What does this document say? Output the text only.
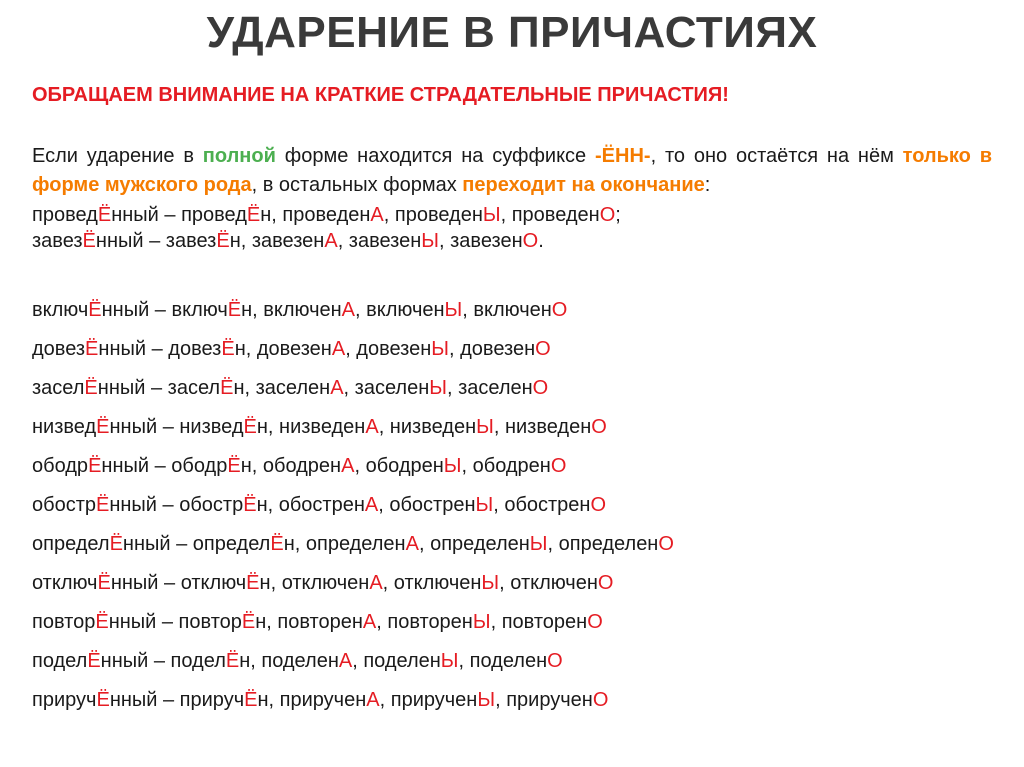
УДАРЕНИЕ В ПРИЧАСТИЯХ
ОБРАЩАЕМ ВНИМАНИЕ НА КРАТКИЕ СТРАДАТЕЛЬНЫЕ ПРИЧАСТИЯ!
Если ударение в полной форме находится на суффиксе -ЁНН-, то оно остаётся на нём только в форме мужского рода, в остальных формах переходит на окончание:
проведЁнный – проведЁн, проведенА, проведенЫ, проведенО;
завезЁнный – завезЁн, завезенА, завезенЫ, завезенО.
включЁнный – включЁн, включенА, включенЫ, включенО
довезЁнный – довезЁн, довезенА, довезенЫ, довезенО
заселЁнный – заселЁн, заселенА, заселенЫ, заселенО
низведЁнный – низведЁн, низведенА, низведенЫ, низведенО
ободрЁнный – ободрЁн, ободренА, ободренЫ, ободренО
обострЁнный – обострЁн, обостренА, обостренЫ, обостренО
определЁнный – определЁн, определенА, определенЫ, определенО
отключЁнный – отключЁн, отключенА, отключенЫ, отключенО
повторЁнный – повторЁн, повторенА, повторенЫ, повторенО
поделЁнный – поделЁн, поделенА, поделенЫ, поделенО
приручЁнный – приручЁн, прирученА, прирученЫ, прирученО
